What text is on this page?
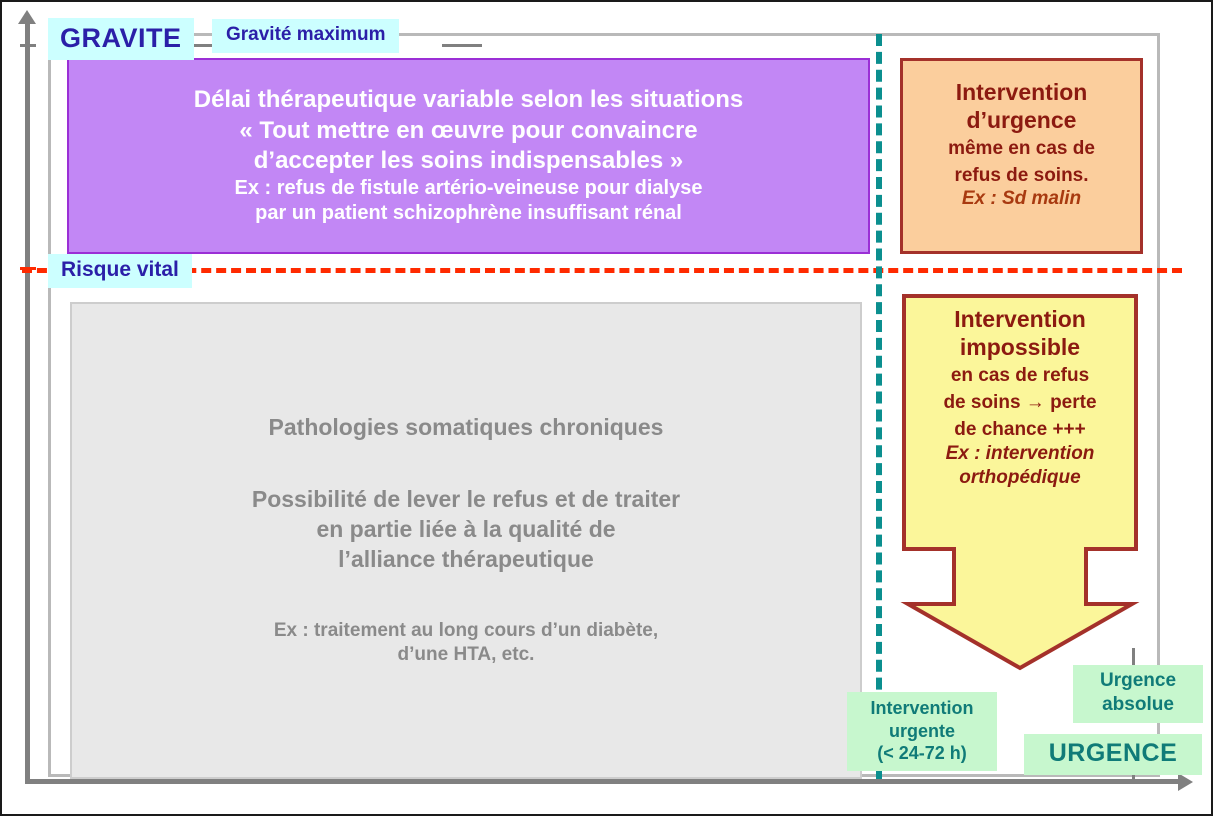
Délai thérapeutique variable selon les situations
« Tout mettre en œuvre pour convaincre
d’accepter les soins indispensables »
Ex : refus de fistule artério-veineuse pour dialyse
par un patient schizophrène insuffisant rénal
Intervention
d’urgence
même en cas de
refus de soins.
Ex : Sd malin
Pathologies somatiques chroniques
Possibilité de lever le refus et de traiter
en partie liée à la qualité de
l’alliance thérapeutique
Ex : traitement au long cours d’un diabète,
d’une HTA, etc.
Intervention
impossible
en cas de refus
de soins → perte
de chance +++
Ex : intervention
orthopédique
GRAVITE	Gravité maximum
Risque vital
Intervention
urgente
(< 24-72 h)
Urgence
absolue
URGENCE
